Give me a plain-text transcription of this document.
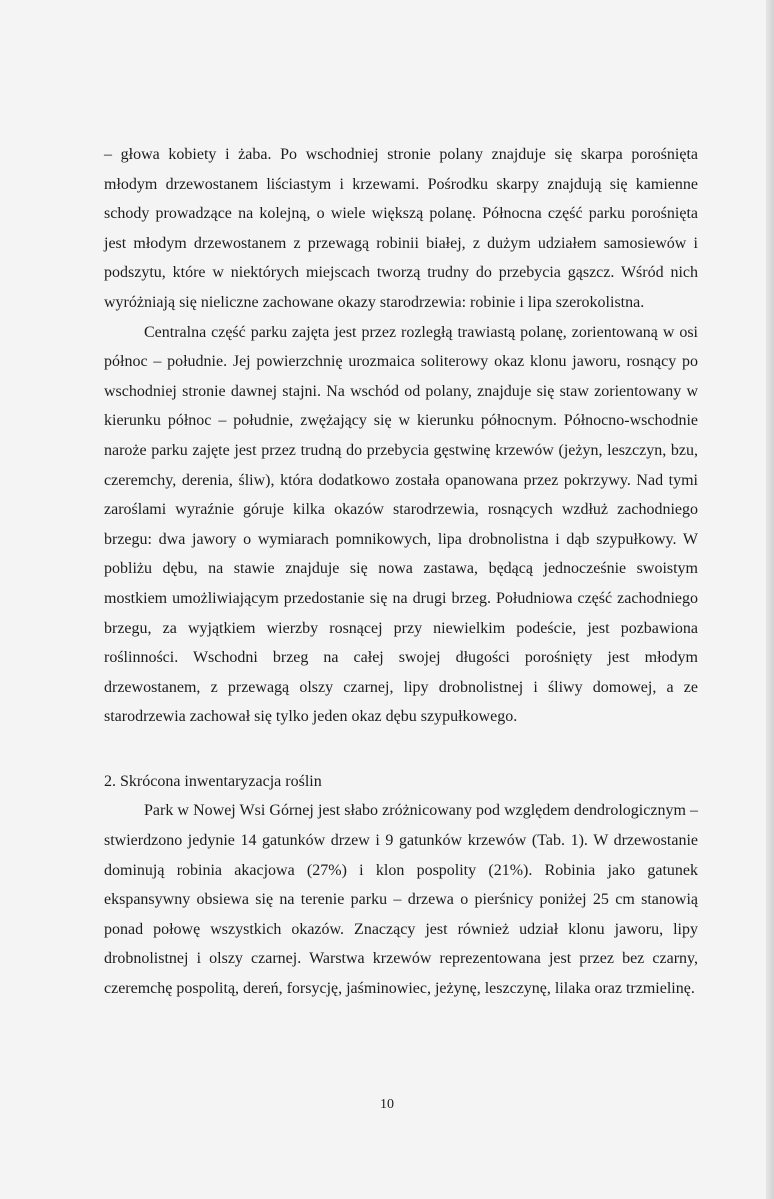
– głowa kobiety i żaba. Po wschodniej stronie polany znajduje się skarpa porośnięta młodym drzewostanem liściastym i krzewami. Pośrodku skarpy znajdują się kamienne schody prowadzące na kolejną, o wiele większą polanę. Północna część parku porośnięta jest młodym drzewostanem z przewagą robinii białej, z dużym udziałem samosiewów i podszytu, które w niektórych miejscach tworzą trudny do przebycia gąszcz. Wśród nich wyróżniają się nieliczne zachowane okazy starodrzewia: robinie i lipa szerokolistna.

Centralna część parku zajęta jest przez rozległą trawiastą polanę, zorientowaną w osi północ – południe. Jej powierzchnię urozmaica soliterowy okaz klonu jaworu, rosnący po wschodniej stronie dawnej stajni. Na wschód od polany, znajduje się staw zorientowany w kierunku północ – południe, zwężający się w kierunku północnym. Północno-wschodnie naroże parku zajęte jest przez trudną do przebycia gęstwinę krzewów (jeżyn, leszczyn, bzu, czeremchy, derenia, śliw), która dodatkowo została opanowana przez pokrzywy. Nad tymi zaroślami wyraźnie góruje kilka okazów starodrzewia, rosnących wzdłuż zachodniego brzegu: dwa jawory o wymiarach pomnikowych, lipa drobnolistna i dąb szypułkowy. W pobliżu dębu, na stawie znajduje się nowa zastawa, będącą jednocześnie swoistym mostkiem umożliwiającym przedostanie się na drugi brzeg. Południowa część zachodniego brzegu, za wyjątkiem wierzby rosnącej przy niewielkim podeście, jest pozbawiona roślinności. Wschodni brzeg na całej swojej długości porośnięty jest młodym drzewostanem, z przewagą olszy czarnej, lipy drobnolistnej i śliwy domowej, a ze starodrzewia zachował się tylko jeden okaz dębu szypułkowego.

2. Skrócona inwentaryzacja roślin

Park w Nowej Wsi Górnej jest słabo zróżnicowany pod względem dendrologicznym – stwierdzono jedynie 14 gatunków drzew i 9 gatunków krzewów (Tab. 1). W drzewostanie dominują robinia akacjowa (27%) i klon pospolity (21%). Robinia jako gatunek ekspansywny obsiewa się na terenie parku – drzewa o pierśnicy poniżej 25 cm stanowią ponad połowę wszystkich okazów. Znaczący jest również udział klonu jaworu, lipy drobnolistnej i olszy czarnej. Warstwa krzewów reprezentowana jest przez bez czarny, czeremchę pospolitą, dereń, forsycję, jaśminowiec, jeżynę, leszczynę, lilaka oraz trzmielinę.

10
